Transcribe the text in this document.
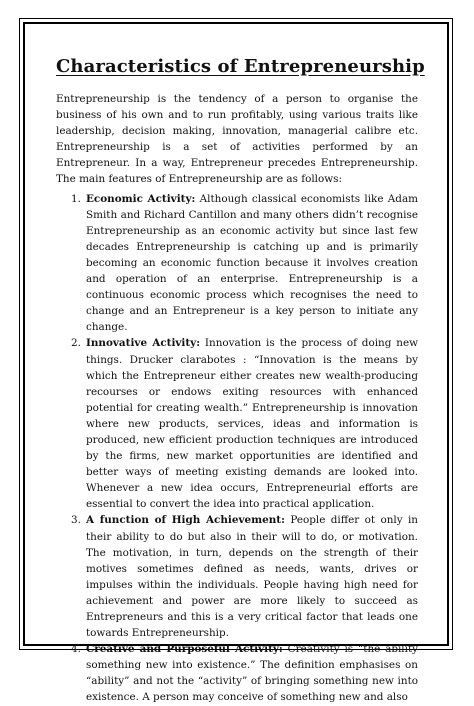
Characteristics of Entrepreneurship

Entrepreneurship is the tendency of a person to organise the business of his own and to run profitably, using various traits like leadership, decision making, innovation, managerial calibre etc. Entrepreneurship is a set of activities performed by an Entrepreneur. In a way, Entrepreneur precedes Entrepreneurship. The main features of Entrepreneurship are as follows:

1. Economic Activity: Although classical economists like Adam Smith and Richard Cantillon and many others didn’t recognise Entrepreneurship as an economic activity but since last few decades Entrepreneurship is catching up and is primarily becoming an economic function because it involves creation and operation of an enterprise. Entrepreneurship is a continuous economic process which recognises the need to change and an Entrepreneur is a key person to initiate any change.
2. Innovative Activity: Innovation is the process of doing new things. Drucker clarabotes : “Innovation is the means by which the Entrepreneur either creates new wealth-producing recourses or endows exiting resources with enhanced potential for creating wealth.” Entrepreneurship is innovation where new products, services, ideas and information is produced, new efficient production techniques are introduced by the firms, new market opportunities are identified and better ways of meeting existing demands are looked into. Whenever a new idea occurs, Entrepreneurial efforts are essential to convert the idea into practical application.
3. A function of High Achievement: People differ ot only in their ability to do but also in their will to do, or motivation. The motivation, in turn, depends on the strength of their motives sometimes defined as needs, wants, drives or impulses within the individuals. People having high need for achievement and power are more likely to succeed as Entrepreneurs and this is a very critical factor that leads one towards Entrepreneurship.
4. Creative and Purposeful Activity: Creativity is “the ability something new into existence.” The definition emphasises on “ability” and not the “activity” of bringing something new into existence. A person may conceive of something new and also
